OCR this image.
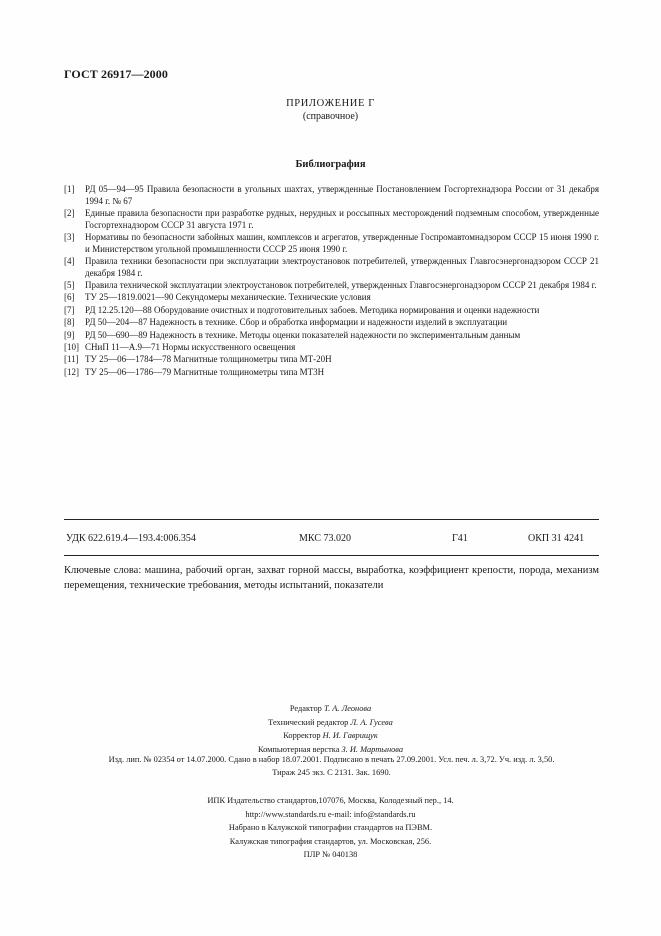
ГОСТ 26917—2000
ПРИЛОЖЕНИЕ Г
(справочное)
Библиография
[1]	РД 05—94—95 Правила безопасности в угольных шахтах, утвержденные Постановлением Госгортехнадзора России от 31 декабря 1994 г. № 67
[2]	Единые правила безопасности при разработке рудных, нерудных и россыпных месторождений подземным способом, утвержденные Госгортехнадзором СССР 31 августа 1971 г.
[3]	Нормативы по безопасности забойных машин, комплексов и агрегатов, утвержденные Госпромавтомнадзором СССР 15 июня 1990 г. и Министерством угольной промышленности СССР 25 июня 1990 г.
[4]	Правила техники безопасности при эксплуатации электроустановок потребителей, утвержденных Главгосэнергонадзором СССР 21 декабря 1984 г.
[5]	Правила технической эксплуатации электроустановок потребителей, утвержденных Главгосэнергонадзором СССР 21 декабря 1984 г.
[6]	ТУ 25—1819.0021—90 Секундомеры механические. Технические условия
[7]	РД 12.25.120—88 Оборудование очистных и подготовительных забоев. Методика нормирования и оценки надежности
[8]	РД 50—204—87 Надежность в технике. Сбор и обработка информации и надежности изделий в эксплуатации
[9]	РД 50—690—89 Надежность в технике. Методы оценки показателей надежности по экспериментальным данным
[10] СНиП 11—А.9—71 Нормы искусственного освещения
[11] ТУ 25—06—1784—78 Магнитные толщинометры типа МТ-20Н
[12] ТУ 25—06—1786—79 Магнитные толщинометры типа МТ3Н
УДК 622.619.4—193.4:006.354	МКС 73.020	Г41	ОКП 31 4241
Ключевые слова: машина, рабочий орган, захват горной массы, выработка, коэффициент крепости, порода, механизм перемещения, технические требования, методы испытаний, показатели
Редактор Т. А. Леонова
Технический редактор Л. А. Гусева
Корректор Н. И. Гаврищук
Компьютерная верстка З. И. Мартынова
Изд. лип. № 02354 от 14.07.2000. Сдано в набор 18.07.2001. Подписано в печать 27.09.2001. Усл. печ. л. 3,72. Уч. изд. л. 3,50.
Тираж 245 экз. С 2131. Зак. 1690.
ИПК Издательство стандартов,107076, Москва, Колодезный пер., 14.
http://www.standards.ru e-mail: info@standards.ru
Набрано в Калужской типографии стандартов на ПЭВМ.
Калужская типография стандартов, ул. Московская, 256.
ПЛР № 040138
